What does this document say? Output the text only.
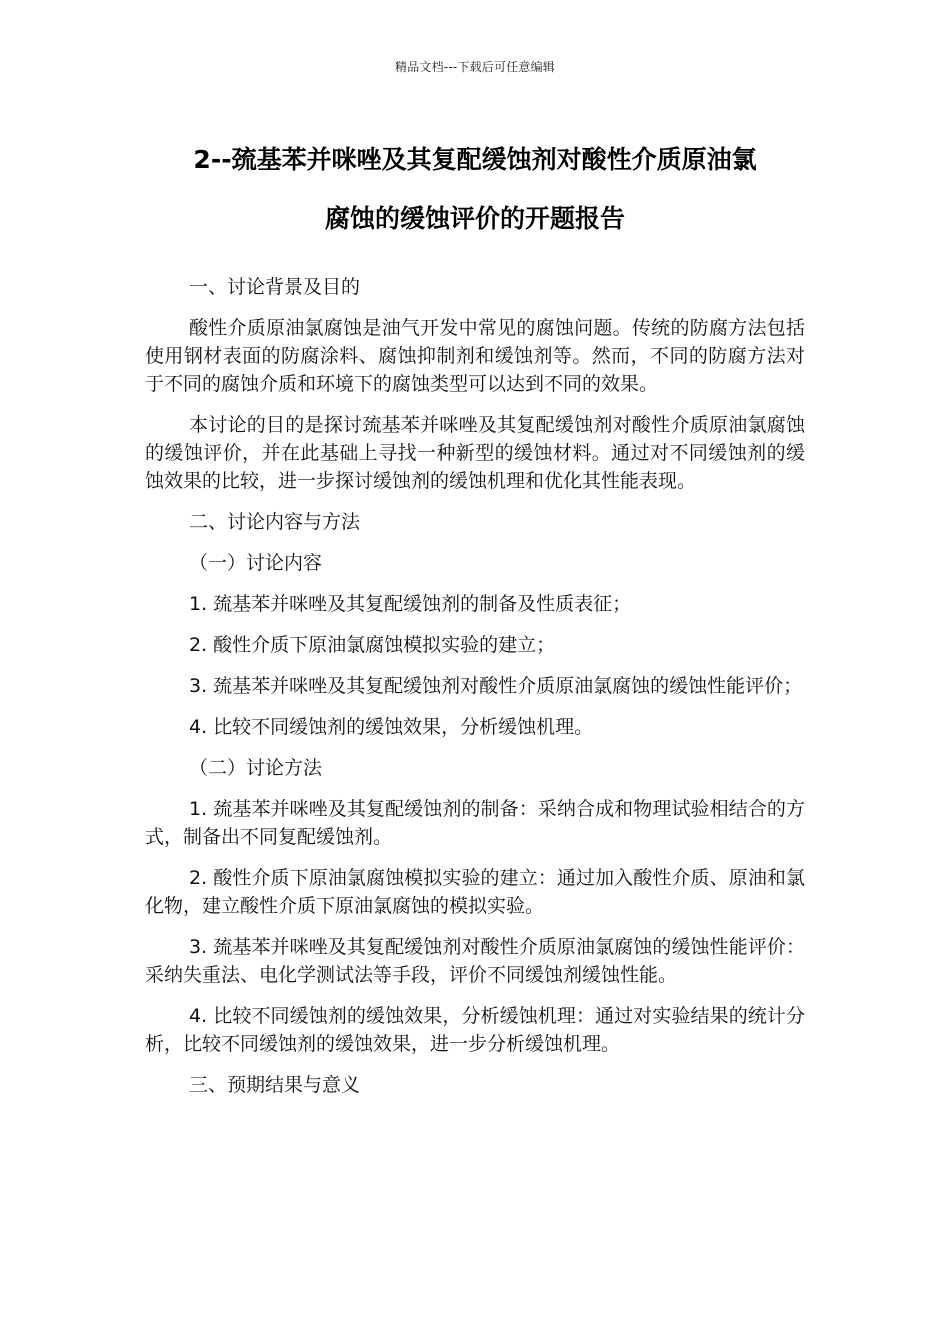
精品文档---下载后可任意编辑
2--巯基苯并咪唑及其复配缓蚀剂对酸性介质原油氯
腐蚀的缓蚀评价的开题报告

一、讨论背景及目的

酸性介质原油氯腐蚀是油气开发中常见的腐蚀问题。传统的防腐方法包括使用钢材表面的防腐涂料、腐蚀抑制剂和缓蚀剂等。然而，不同的防腐方法对于不同的腐蚀介质和环境下的腐蚀类型可以达到不同的效果。

本讨论的目的是探讨巯基苯并咪唑及其复配缓蚀剂对酸性介质原油氯腐蚀的缓蚀评价，并在此基础上寻找一种新型的缓蚀材料。通过对不同缓蚀剂的缓蚀效果的比较，进一步探讨缓蚀剂的缓蚀机理和优化其性能表现。

二、讨论内容与方法

（一）讨论内容

1. 巯基苯并咪唑及其复配缓蚀剂的制备及性质表征；

2. 酸性介质下原油氯腐蚀模拟实验的建立；

3. 巯基苯并咪唑及其复配缓蚀剂对酸性介质原油氯腐蚀的缓蚀性能评价；

4. 比较不同缓蚀剂的缓蚀效果，分析缓蚀机理。

（二）讨论方法

1. 巯基苯并咪唑及其复配缓蚀剂的制备：采纳合成和物理试验相结合的方式，制备出不同复配缓蚀剂。

2. 酸性介质下原油氯腐蚀模拟实验的建立：通过加入酸性介质、原油和氯化物，建立酸性介质下原油氯腐蚀的模拟实验。

3. 巯基苯并咪唑及其复配缓蚀剂对酸性介质原油氯腐蚀的缓蚀性能评价：采纳失重法、电化学测试法等手段，评价不同缓蚀剂缓蚀性能。

4. 比较不同缓蚀剂的缓蚀效果，分析缓蚀机理：通过对实验结果的统计分析，比较不同缓蚀剂的缓蚀效果，进一步分析缓蚀机理。

三、预期结果与意义
